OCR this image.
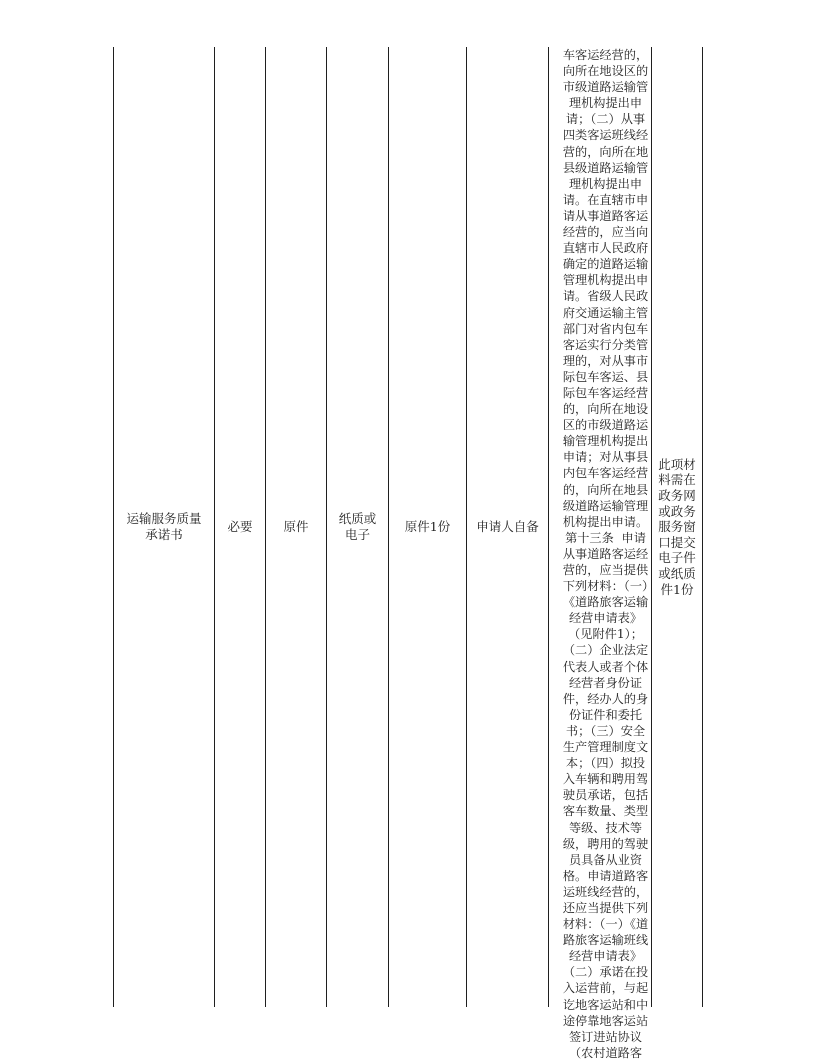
运输服务质量承诺书
必要 原件
纸质或电子
原件1份 申请人自备
车客运经营的，向所在地设区的市级道路运输管理机构提出申请；（二）从事四类客运班线经营的，向所在地县级道路运输管理机构提出申请。在直辖市申请从事道路客运经营的，应当向直辖市人民政府确定的道路运输管理机构提出申请。省级人民政府交通运输主管部门对省内包车客运实行分类管理的，对从事市际包车客运、县际包车客运经营的，向所在地设区的市级道路运输管理机构提出申请；对从事县内包车客运经营的，向所在地县级道路运输管理机构提出申请。第十三条  申请从事道路客运经营的，应当提供下列材料：（一）《道路旅客运输经营申请表》（见附件1）；（二）企业法定代表人或者个体经营者身份证件，经办人的身份证件和委托书；（三）安全生产管理制度文本；（四）拟投入车辆和聘用驾驶员承诺，包括客车数量、类型等级、技术等级，聘用的驾驶员具备从业资格。申请道路客运班线经营的，还应当提供下列材料：（一）《道路旅客运输班线经营申请表》（二）承诺在投入运营前，与起讫地客运站和中途停靠地客运站签订进站协议（农村道路客
此项材料需在政务网或政务服务窗口提交电子件或纸质件1份
